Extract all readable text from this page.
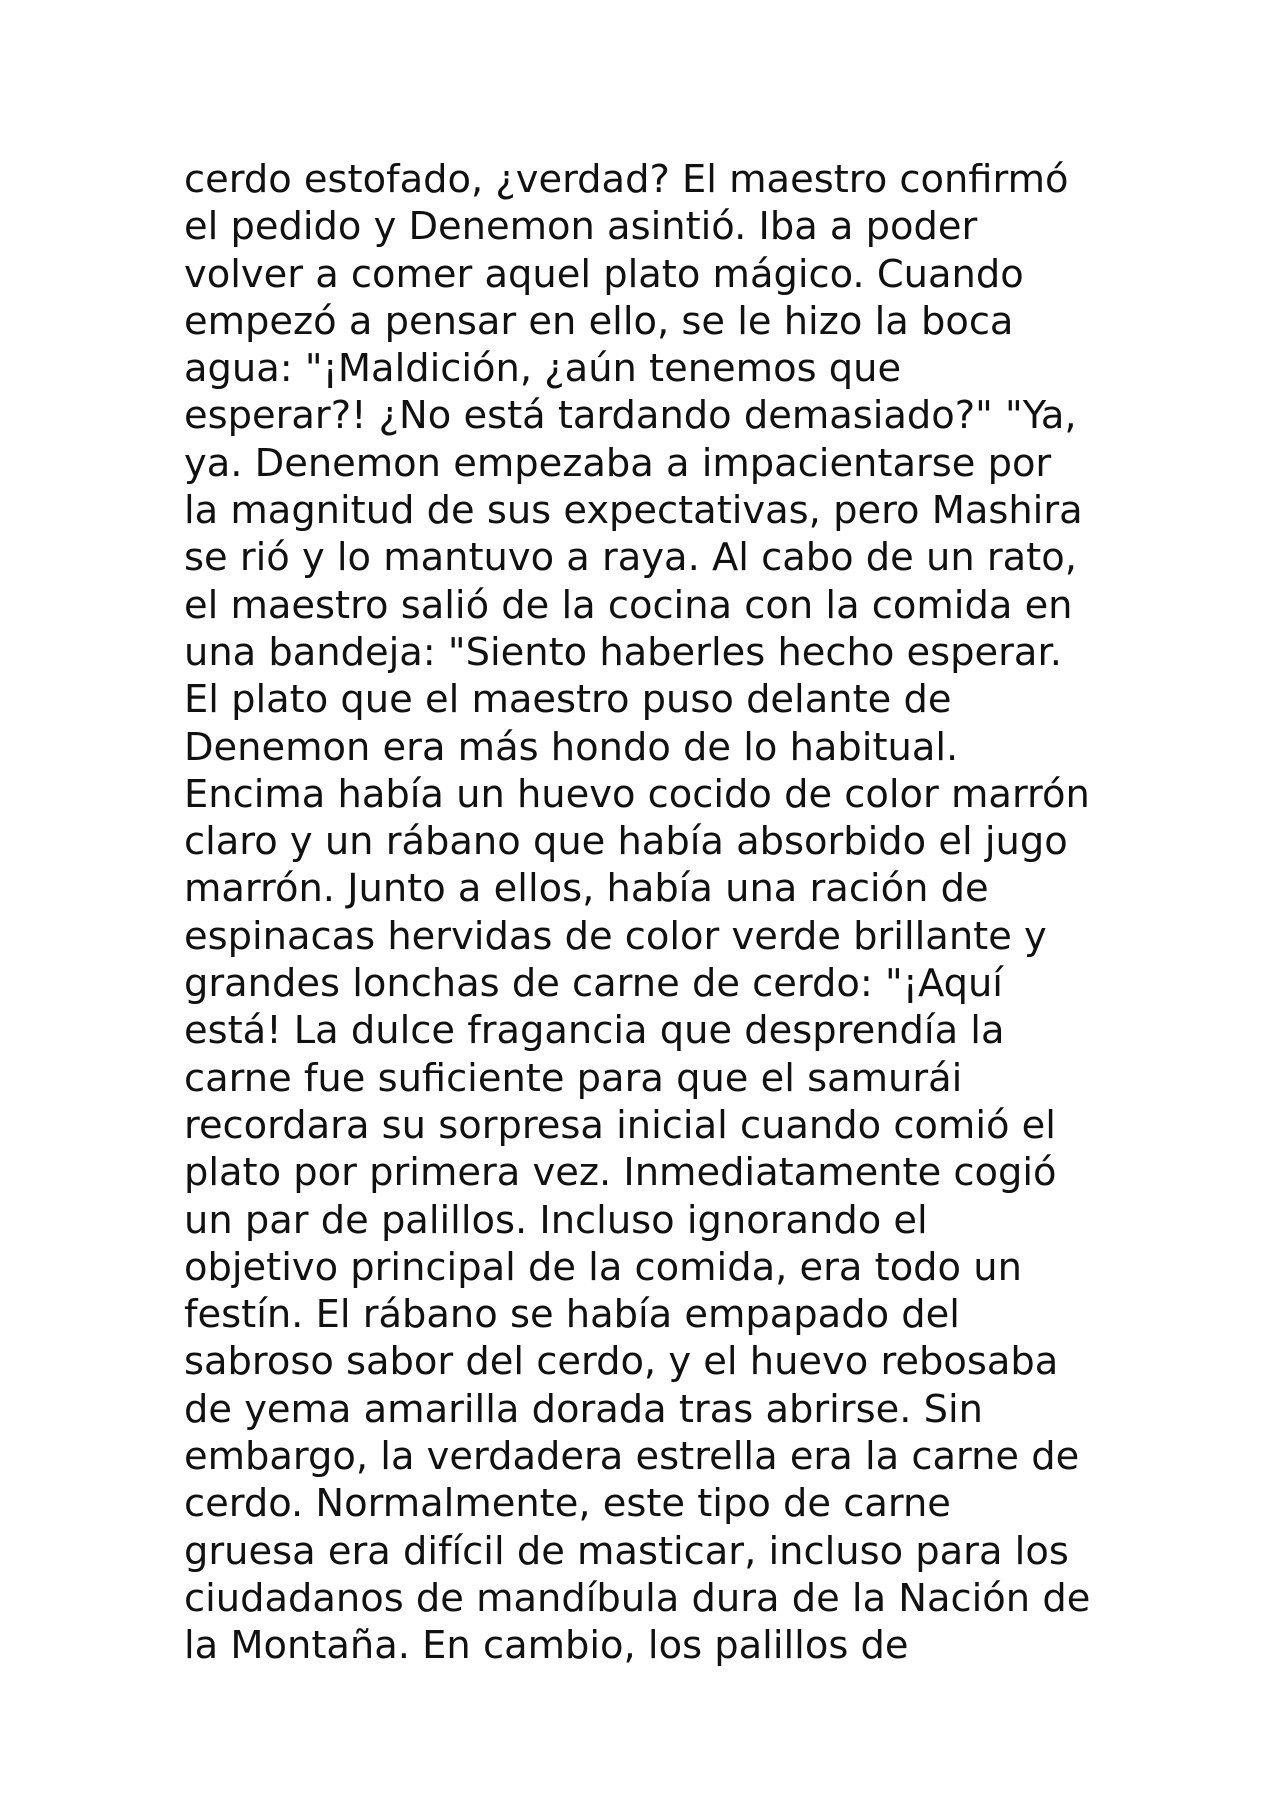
cerdo estofado, ¿verdad? El maestro confirmó
el pedido y Denemon asintió. Iba a poder
volver a comer aquel plato mágico. Cuando
empezó a pensar en ello, se le hizo la boca
agua: "¡Maldición, ¿aún tenemos que
esperar?! ¿No está tardando demasiado?" "Ya,
ya. Denemon empezaba a impacientarse por
la magnitud de sus expectativas, pero Mashira
se rió y lo mantuvo a raya. Al cabo de un rato,
el maestro salió de la cocina con la comida en
una bandeja: "Siento haberles hecho esperar.
El plato que el maestro puso delante de
Denemon era más hondo de lo habitual.
Encima había un huevo cocido de color marrón
claro y un rábano que había absorbido el jugo
marrón. Junto a ellos, había una ración de
espinacas hervidas de color verde brillante y
grandes lonchas de carne de cerdo: "¡Aquí
está! La dulce fragancia que desprendía la
carne fue suficiente para que el samurái
recordara su sorpresa inicial cuando comió el
plato por primera vez. Inmediatamente cogió
un par de palillos. Incluso ignorando el
objetivo principal de la comida, era todo un
festín. El rábano se había empapado del
sabroso sabor del cerdo, y el huevo rebosaba
de yema amarilla dorada tras abrirse. Sin
embargo, la verdadera estrella era la carne de
cerdo. Normalmente, este tipo de carne
gruesa era difícil de masticar, incluso para los
ciudadanos de mandíbula dura de la Nación de
la Montaña. En cambio, los palillos de
